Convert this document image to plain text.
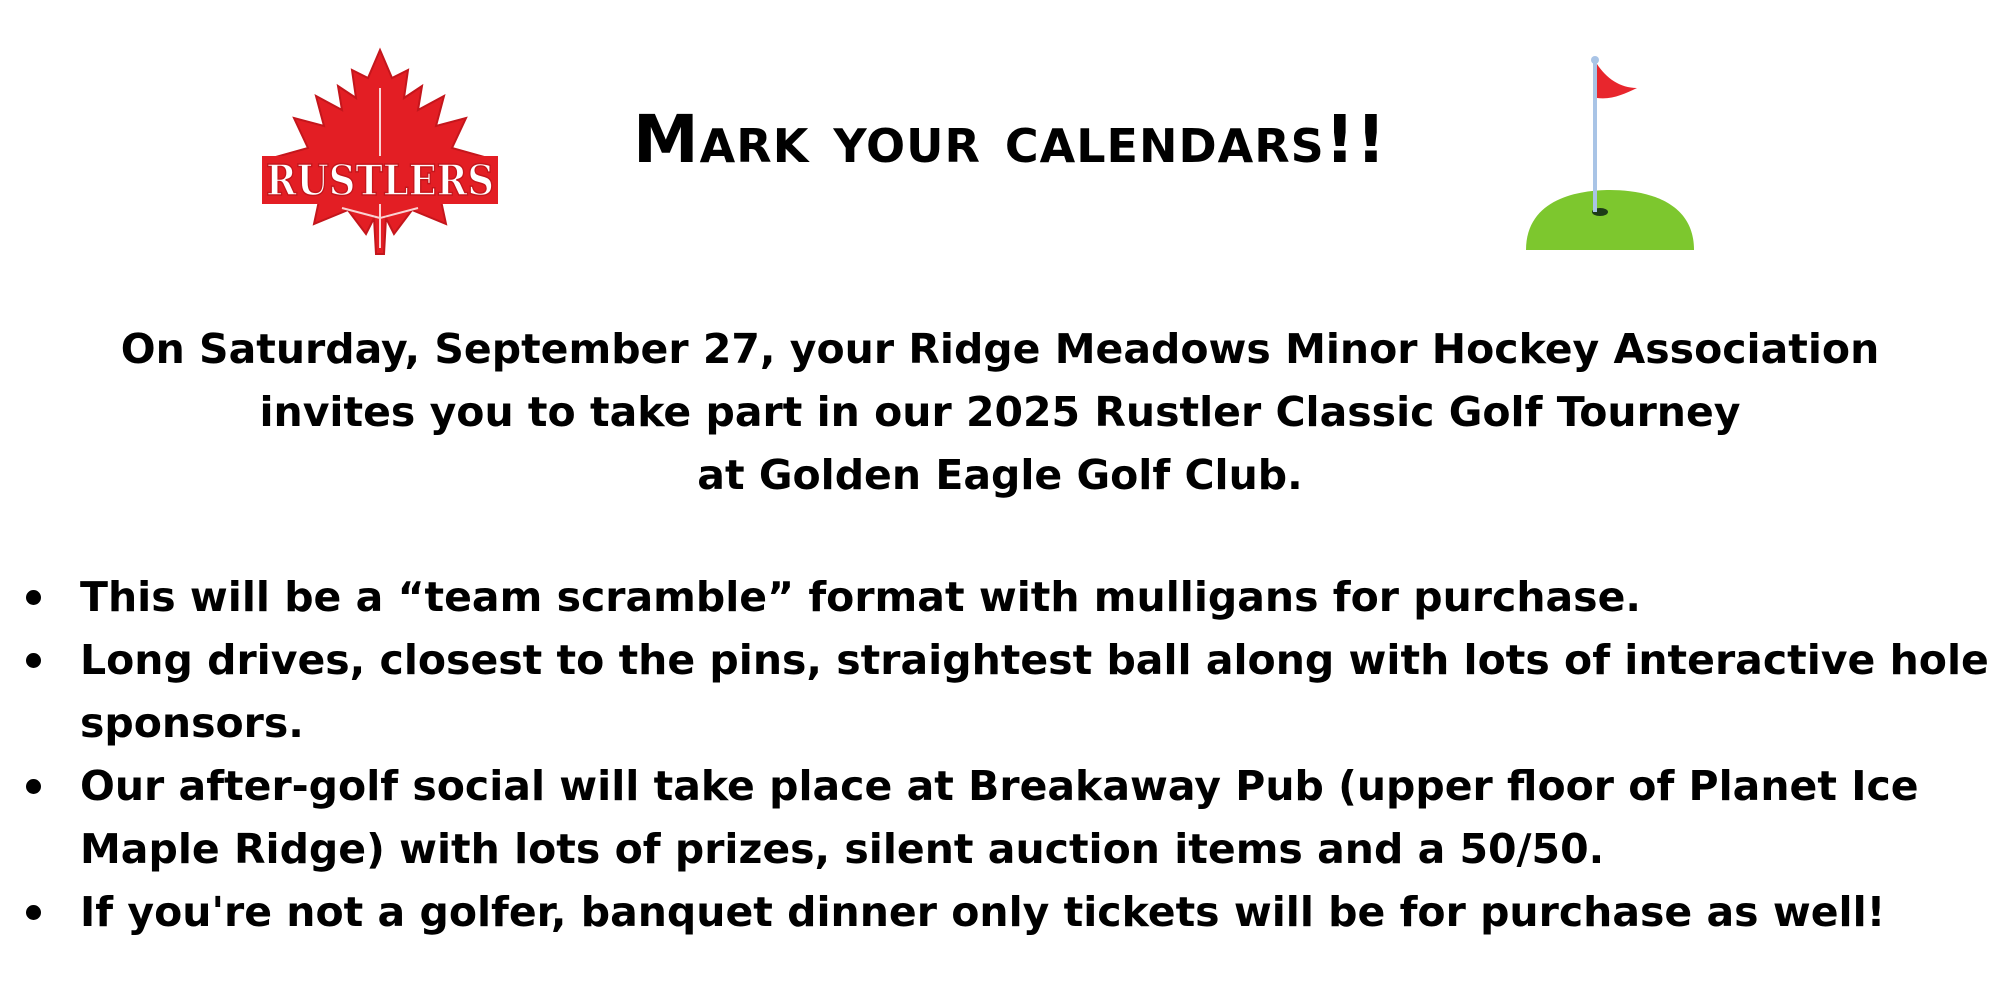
RUSTLERS
Mark your calendars!!

On Saturday, September 27, your Ridge Meadows Minor Hockey Association
invites you to take part in our 2025 Rustler Classic Golf Tourney
at Golden Eagle Golf Club.

This will be a “team scramble” format with mulligans for purchase.
Long drives, closest to the pins, straightest ball along with lots of interactive hole sponsors.
Our after-golf social will take place at Breakaway Pub (upper floor of Planet Ice Maple Ridge) with lots of prizes, silent auction items and a 50/50.
If you're not a golfer, banquet dinner only tickets will be for purchase as well!
